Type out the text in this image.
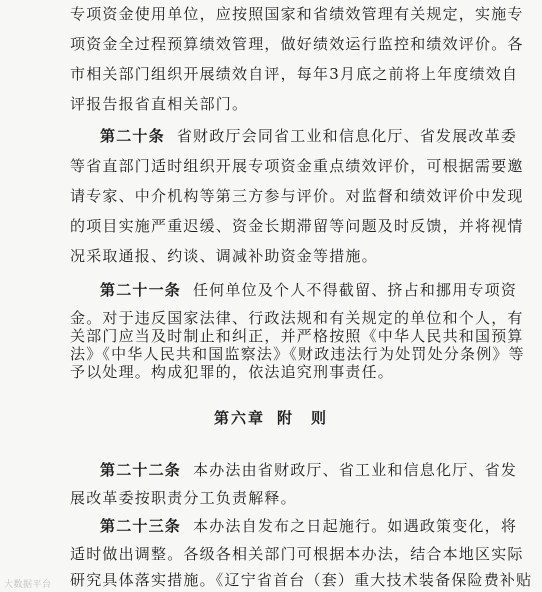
专项资金使用单位，应按照国家和省绩效管理有关规定，实施专
项资金全过程预算绩效管理，做好绩效运行监控和绩效评价。各
市相关部门组织开展绩效自评，每年3月底之前将上年度绩效自
评报告报省直相关部门。
第二十条 省财政厅会同省工业和信息化厅、省发展改革委
等省直部门适时组织开展专项资金重点绩效评价，可根据需要邀
请专家、中介机构等第三方参与评价。对监督和绩效评价中发现
的项目实施严重迟缓、资金长期滞留等问题及时反馈，并将视情
况采取通报、约谈、调减补助资金等措施。
第二十一条 任何单位及个人不得截留、挤占和挪用专项资
金。对于违反国家法律、行政法规和有关规定的单位和个人，有
关部门应当及时制止和纠正，并严格按照《中华人民共和国预算
法》《中华人民共和国监察法》《财政违法行为处罚处分条例》等
第六章 附　则
第二十二条 本办法由省财政厅、省工业和信息化厅、省发
展改革委按职责分工负责解释。
第二十三条 本办法自发布之日起施行。如遇政策变化，将
适时做出调整。各级各相关部门可根据本办法，结合本地区实际
研究具体落实措施。《辽宁省首台（套）重大技术装备保险费补贴
大数据平台
予以处理。构成犯罪的，依法追究刑事责任。
